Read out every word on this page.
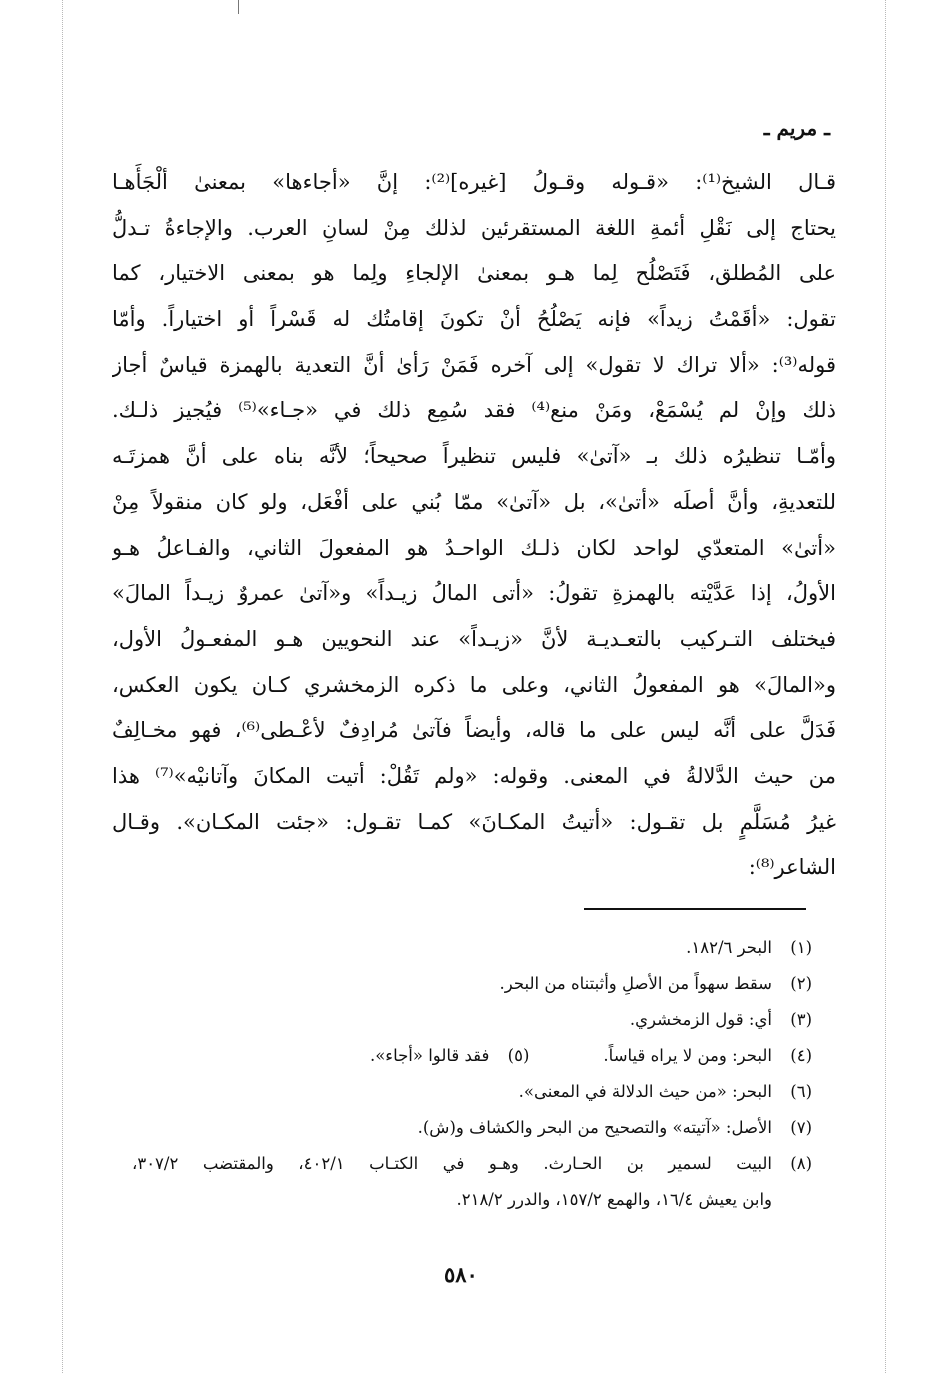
ـ مريم ـ
قـال الشيخ⁽¹⁾: «قـوله وقـولُ [غيره]⁽²⁾: إنَّ «أجاءها» بمعنىٰ ألْجَأَهـا
يحتاج إلى نَقْلِ أئمةِ اللغة المستقرئين لذلك مِنْ لسانِ العرب. والإجاءةُ تـدلُّ
على المُطلق، فَتَصْلُح لِما هـو بمعنىٰ الإلجاءِ ولِما هو بمعنى الاختيار، كما
تقول: «أقَمْتُ زيداً» فإنه يَصْلُحُ أنْ تكونَ إقامتُك له قَسْراً أو اختياراً. وأمّا
قوله⁽³⁾: «ألا تراك لا تقول» إلى آخره فَمَنْ رَأىٰ أنَّ التعدية بالهمزة قياسٌ أجاز
ذلك وإنْ لم يُسْمَعْ، ومَنْ منع⁽⁴⁾ فقد سُمِع ذلك في «جـاء»⁽⁵⁾ فيُجيز ذلـك.
وأمّـا تنظيرُه ذلك بـ «آتىٰ» فليس تنظيراً صحيحاً؛ لأنَّه بناه على أنَّ همزتَـه
للتعديةِ، وأنَّ أصلَه «أتىٰ»، بل «آتىٰ» ممّا بُني على أفْعَل، ولو كان منقولاً مِنْ
«أتىٰ» المتعدّي لواحد لكان ذلـك الواحـدُ هو المفعولَ الثاني، والفـاعلُ هـو
الأولُ، إذا عَدَّيْته بالهمزةِ تقولُ: «أتى المالُ زيـداً» و«آتىٰ عمروٌ زيـداً المالَ»
فيختلف التـركيب بالتعـديـة لأنَّ «زيـداً» عند النحويين هـو المفعـولُ الأول،
و«المالَ» هو المفعولُ الثاني، وعلى ما ذكره الزمخشري كـان يكون العكس،
فَدَلَّ على أنَّه ليس على ما قاله، وأيضاً فآتىٰ مُرادِفٌ لأعْـطى⁽⁶⁾، فهو مخـالِفٌ
من حيث الدَّلالةُ في المعنى. وقوله: «ولم تَقُلْ: أتيت المكانَ وآتانيْه»⁽⁷⁾ هذا
غيرُ مُسَلَّمٍ بل تقـول: «أتيتُ المكـانَ» كمـا تقـول: «جئت المكـان». وقـال
الشاعر⁽⁸⁾:
(١)
البحر ١٨٢/٦.
(٢)
سقط سهواً من الأصلِ وأثبتناه من البحر.
(٣)
أي: قول الزمخشري.
(٤)
البحر: ومن لا يراه قياساً.
(٥)
فقد قالوا «أجاء».
(٦)
البحر: «من حيث الدلالة في المعنى».
(٧)
الأصل: «آتيته» والتصحيح من البحر والكشاف و(ش).
(٨)
البيت لسمير بن الحـارث. وهـو في الكتـاب ٤٠٢/١، والمقتضب ٣٠٧/٢،
وابن يعيش ١٦/٤، والهمع ١٥٧/٢، والدرر ٢١٨/٢.
٥٨٠
